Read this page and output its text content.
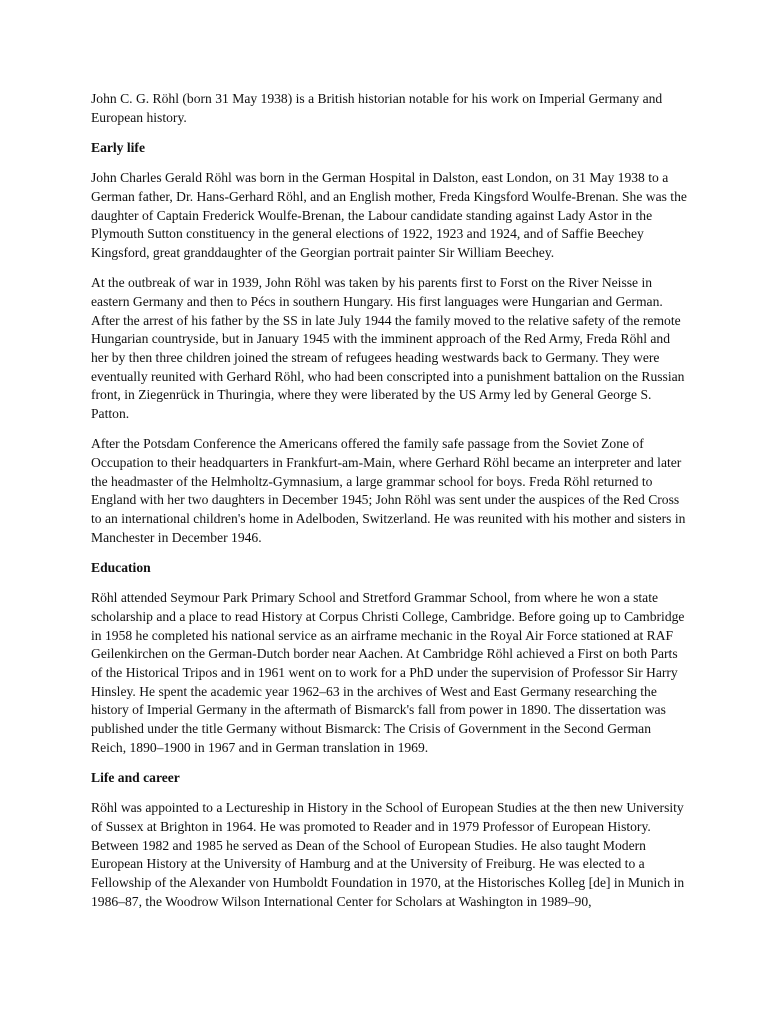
John C. G. Röhl (born 31 May 1938) is a British historian notable for his work on Imperial Germany and European history.

Early life

John Charles Gerald Röhl was born in the German Hospital in Dalston, east London, on 31 May 1938 to a German father, Dr. Hans-Gerhard Röhl, and an English mother, Freda Kingsford Woulfe-Brenan. She was the daughter of Captain Frederick Woulfe-Brenan, the Labour candidate standing against Lady Astor in the Plymouth Sutton constituency in the general elections of 1922, 1923 and 1924, and of Saffie Beechey Kingsford, great granddaughter of the Georgian portrait painter Sir William Beechey.

At the outbreak of war in 1939, John Röhl was taken by his parents first to Forst on the River Neisse in eastern Germany and then to Pécs in southern Hungary. His first languages were Hungarian and German. After the arrest of his father by the SS in late July 1944 the family moved to the relative safety of the remote Hungarian countryside, but in January 1945 with the imminent approach of the Red Army, Freda Röhl and her by then three children joined the stream of refugees heading westwards back to Germany. They were eventually reunited with Gerhard Röhl, who had been conscripted into a punishment battalion on the Russian front, in Ziegenrück in Thuringia, where they were liberated by the US Army led by General George S. Patton.

After the Potsdam Conference the Americans offered the family safe passage from the Soviet Zone of Occupation to their headquarters in Frankfurt-am-Main, where Gerhard Röhl became an interpreter and later the headmaster of the Helmholtz-Gymnasium, a large grammar school for boys. Freda Röhl returned to England with her two daughters in December 1945; John Röhl was sent under the auspices of the Red Cross to an international children's home in Adelboden, Switzerland. He was reunited with his mother and sisters in Manchester in December 1946.

Education

Röhl attended Seymour Park Primary School and Stretford Grammar School, from where he won a state scholarship and a place to read History at Corpus Christi College, Cambridge. Before going up to Cambridge in 1958 he completed his national service as an airframe mechanic in the Royal Air Force stationed at RAF Geilenkirchen on the German-Dutch border near Aachen. At Cambridge Röhl achieved a First on both Parts of the Historical Tripos and in 1961 went on to work for a PhD under the supervision of Professor Sir Harry Hinsley. He spent the academic year 1962–63 in the archives of West and East Germany researching the history of Imperial Germany in the aftermath of Bismarck's fall from power in 1890. The dissertation was published under the title Germany without Bismarck: The Crisis of Government in the Second German Reich, 1890–1900 in 1967 and in German translation in 1969.

Life and career

Röhl was appointed to a Lectureship in History in the School of European Studies at the then new University of Sussex at Brighton in 1964. He was promoted to Reader and in 1979 Professor of European History. Between 1982 and 1985 he served as Dean of the School of European Studies. He also taught Modern European History at the University of Hamburg and at the University of Freiburg. He was elected to a Fellowship of the Alexander von Humboldt Foundation in 1970, at the Historisches Kolleg [de] in Munich in 1986–87, the Woodrow Wilson International Center for Scholars at Washington in 1989–90,
